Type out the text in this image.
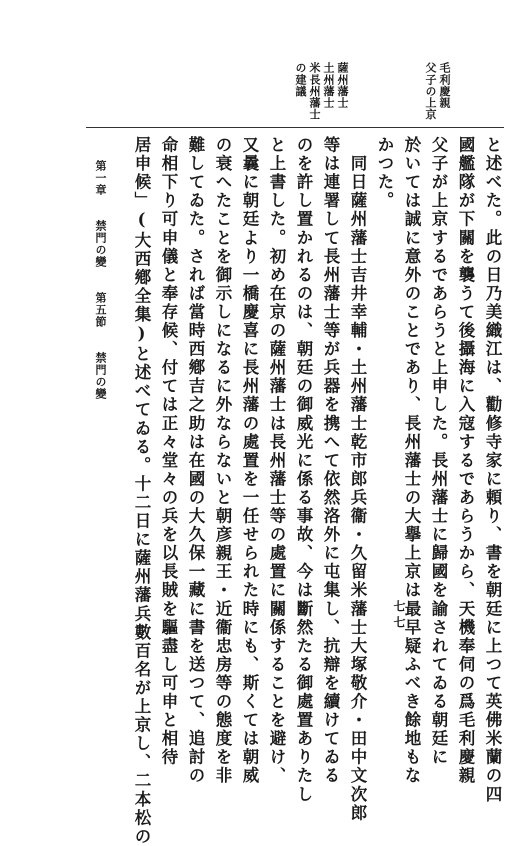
毛利慶親
父子の上京
薩州藩士
土州藩士
米長州藩士
の建議
と述べた。此の日乃美織江は、勸修寺家に頼り、書を朝廷に上つて英佛米蘭の四
國艦隊が下關を襲うて後攝海に入寇するであらうから、天機奉伺の爲毛利慶親
父子が上京するであらうと上申した。長州藩士に歸國を諭されてゐる朝廷に
於いては誠に意外のことであり、長州藩士の大擧上京は最早疑ふべき餘地もな
かつた。
　同日薩州藩士吉井幸輔・土州藩士乾市郎兵衞・久留米藩士大塚敬介・田中文次郎
等は連署して長州藩士等が兵器を携へて依然洛外に屯集し、抗辯を續けてゐる
のを許し置かれるのは、朝廷の御威光に係る事故、今は斷然たる御處置ありたし
と上書した。初め在京の薩州藩士は長州藩士等の處置に關係することを避け、
又曩に朝廷より一橋慶喜に長州藩の處置を一任せられた時にも、斯くては朝威
の衰へたことを御示しになるに外ならないと朝彦親王・近衞忠房等の態度を非
難してゐた。されば當時西鄕吉之助は在國の大久保一藏に書を送つて、追討の
命相下り可申儀と奉存候、付ては正々堂々の兵を以長賊を驅盡し可申と相待
居申候」(大西鄕全集)と述べてゐる。十二日に薩州藩兵數百名が上京し、二本松の
第一章 禁門の變 第五節 禁門の變
七七
